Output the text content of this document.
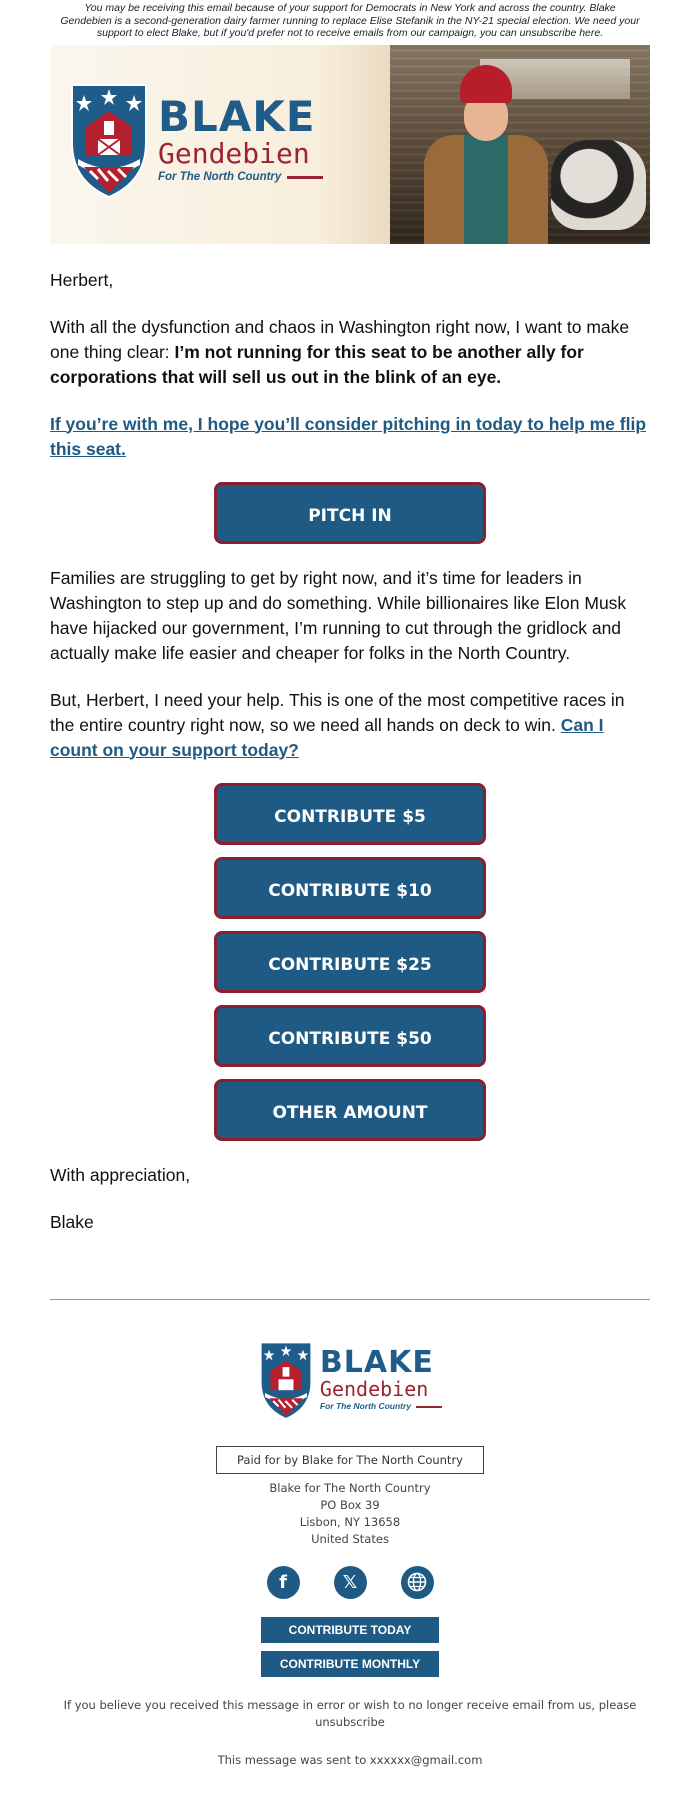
You may be receiving this email because of your support for Democrats in New York and across the country. Blake Gendebien is a second-generation dairy farmer running to replace Elise Stefanik in the NY-21 special election. We need your support to elect Blake, but if you'd prefer not to receive emails from our campaign, you can unsubscribe here.
BLAKE
Gendebien
For The North Country

Herbert,

With all the dysfunction and chaos in Washington right now, I want to make one thing clear: I’m not running for this seat to be another ally for corporations that will sell us out in the blink of an eye.

If you’re with me, I hope you’ll consider pitching in today to help me flip this seat.

PITCH IN

Families are struggling to get by right now, and it’s time for leaders in Washington to step up and do something. While billionaires like Elon Musk have hijacked our government, I’m running to cut through the gridlock and actually make life easier and cheaper for folks in the North Country.

But, Herbert, I need your help. This is one of the most competitive races in the entire country right now, so we need all hands on deck to win. Can I count on your support today?

CONTRIBUTE $5
CONTRIBUTE $10
CONTRIBUTE $25
CONTRIBUTE $50
OTHER AMOUNT

With appreciation,

Blake

BLAKE
Gendebien
For The North Country
Paid for by Blake for The North Country
Blake for The North Country
PO Box 39
Lisbon, NY 13658
United States
f	𝕏
CONTRIBUTE TODAY
CONTRIBUTE MONTHLY
If you believe you received this message in error or wish to no longer receive email from us, please unsubscribe
This message was sent to xxxxxx@gmail.com
